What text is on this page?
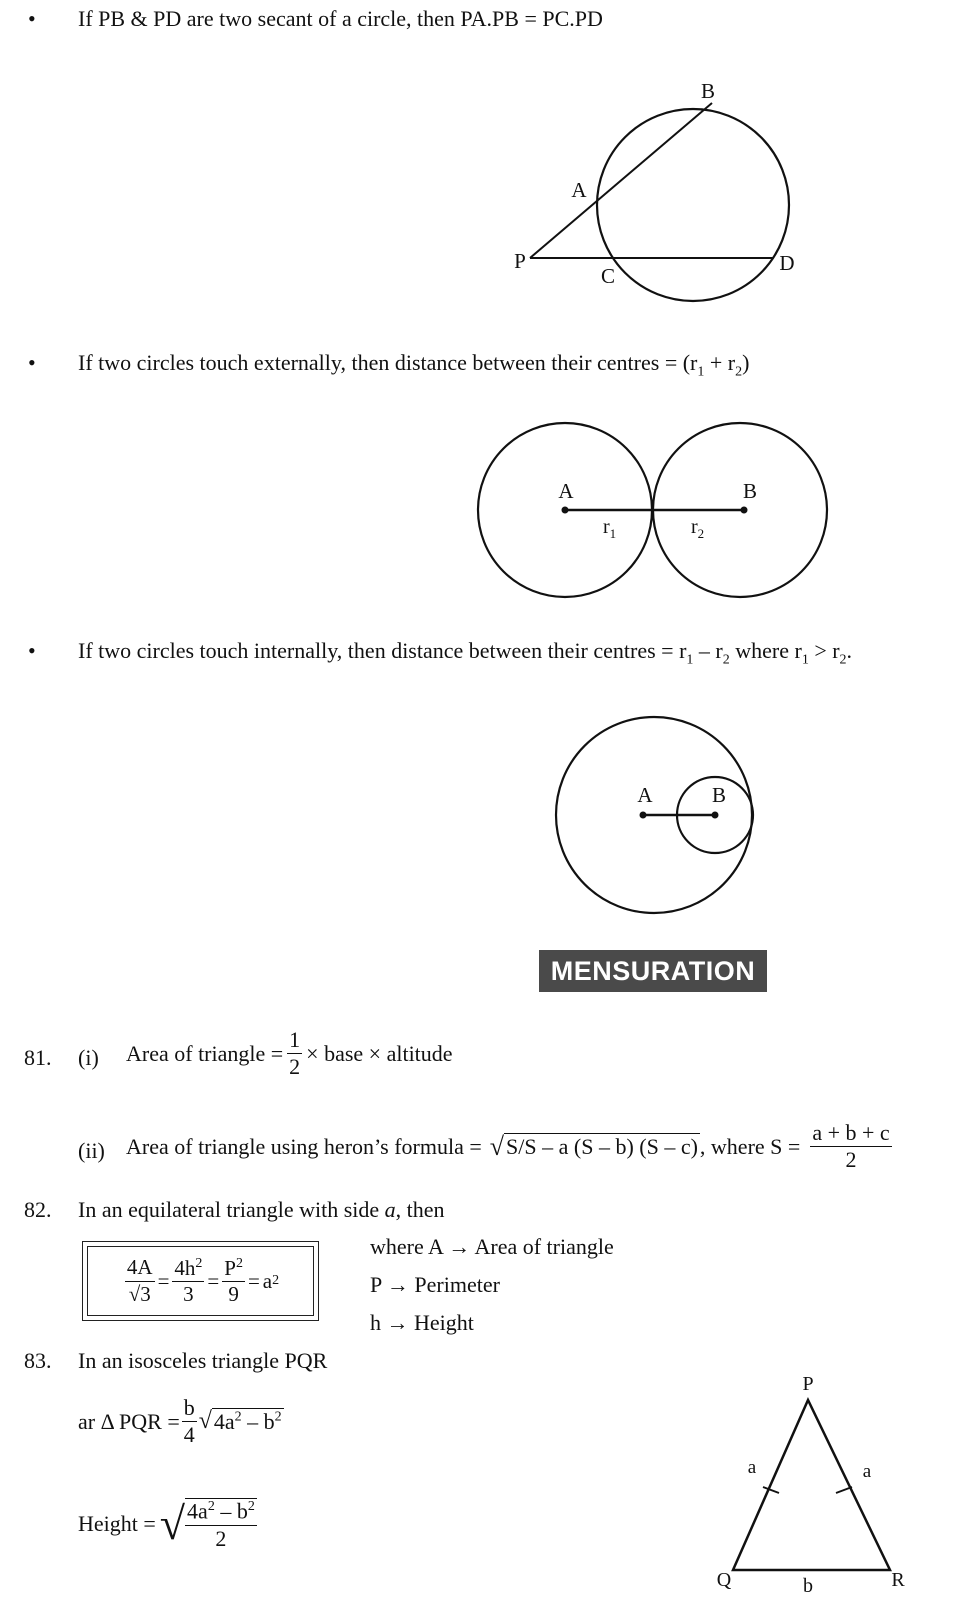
• If PB & PD are two secant of a circle, then PA.PB = PC.PD
B
A
P
C
D
• If two circles touch externally, then distance between their centres = $(r_1 + r_2)$
A	B
$r_1$	$r_2$
• If two circles touch internally, then distance between their centres = $r_1 - r_2$ where $r_1 > r_2$.
A	B
MENSURATION
81. (i) Area of triangle = $\frac{1}{2}$ × base × altitude
(ii) Area of triangle using heron’s formula = √ S/S – a (S – b) (S – c) , where $S = \frac{a + b + c}{2}$
82. In an equilateral triangle with side a, then
$\frac{4A}{√3} = \frac{4h^2}{3} = \frac{P^2}{9} = a$ 2
where A → Area of triangle
P → Perimeter
h → Height
83. In an isosceles triangle PQR
ar Δ PQR = $\frac{b}{4}$ √ $4a^2 - b^2$
Height = √ $\frac{4a^2 - b^2}{2}$
P
Q	R
a	a
b
